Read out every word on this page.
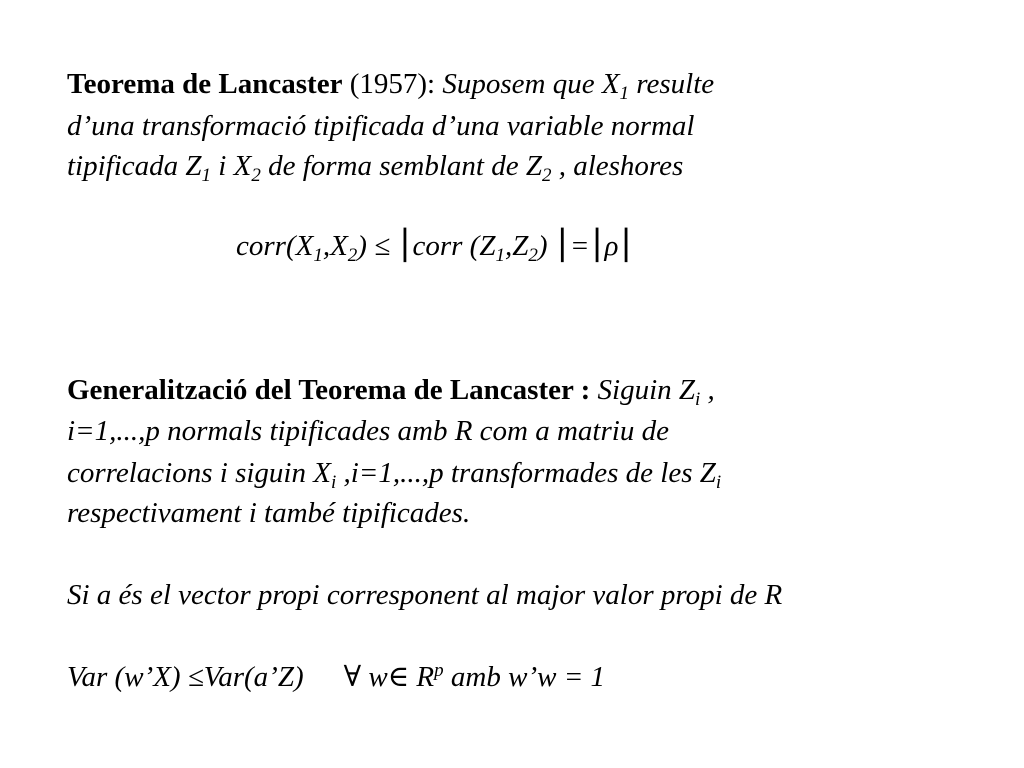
Teorema de Lancaster (1957): Suposem que $X_1$ resulte
d’una transformació tipificada d’una variable normal
tipificada $Z_1$ i $X_2$ de forma semblant de $Z_2$ , aleshores
$corr(X_1,X_2)$ ≤ ⎮corr $(Z_1,Z_2)$ ⎮=⎮ρ⎮
Generalització del Teorema de Lancaster : Siguin $Z_i$ ,
i=1,...,p normals tipificades amb R com a matriu de
correlacions i siguin $X_i$ ,i=1,...,p transformades de les $Z_i$
respectivament i també tipificades.
Si a és el vector propi corresponent al major valor propi de R
Var (w’X) ≤Var(a’Z) ∀ w∈ $R^p$ amb w’w = 1
